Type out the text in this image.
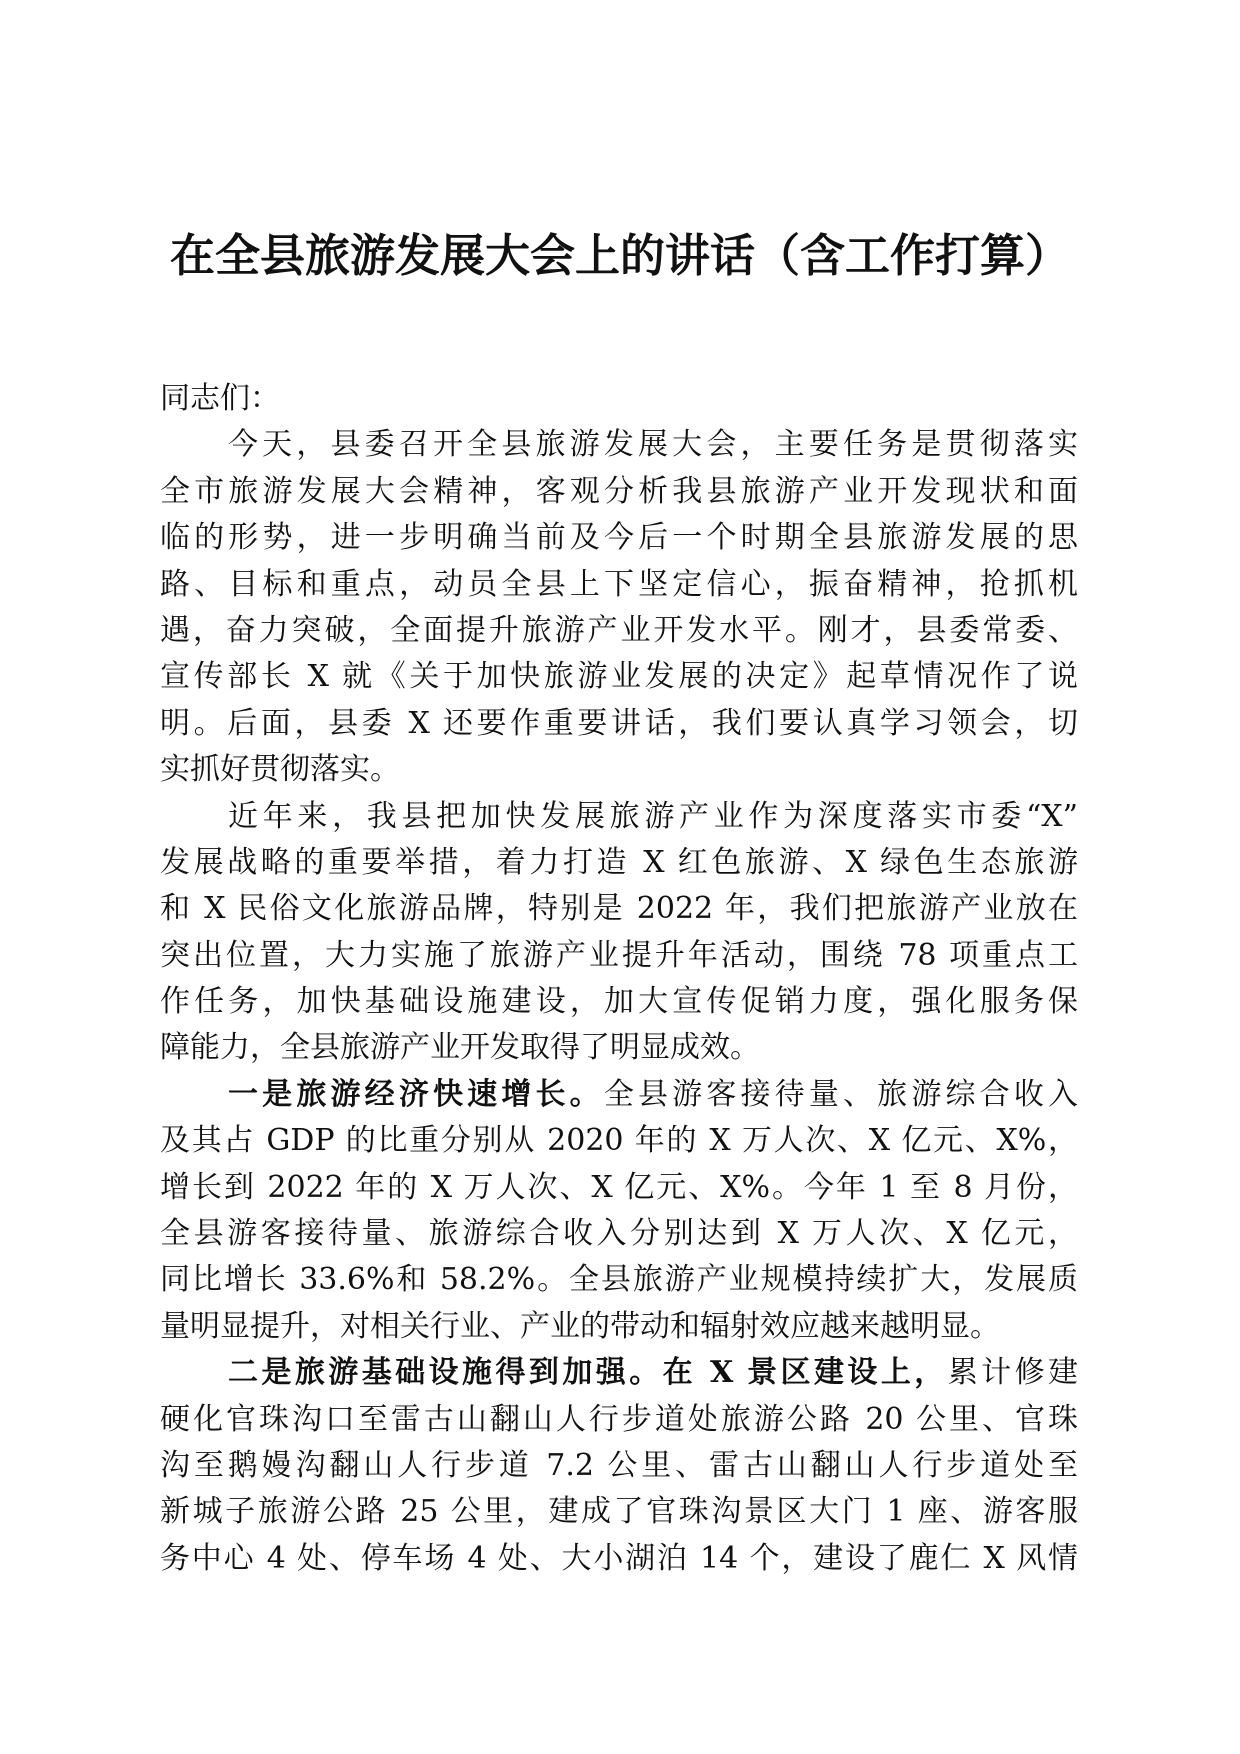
在全县旅游发展大会上的讲话（含工作打算）
同志们：
今天，县委召开全县旅游发展大会，主要任务是贯彻落实
全市旅游发展大会精神，客观分析我县旅游产业开发现状和面
临的形势，进一步明确当前及今后一个时期全县旅游发展的思
路、目标和重点，动员全县上下坚定信心，振奋精神，抢抓机
遇，奋力突破，全面提升旅游产业开发水平。刚才，县委常委、
宣传部长 X 就《关于加快旅游业发展的决定》起草情况作了说
明。后面，县委 X 还要作重要讲话，我们要认真学习领会，切
实抓好贯彻落实。
近年来，我县把加快发展旅游产业作为深度落实市委“X”
发展战略的重要举措，着力打造 X 红色旅游、X 绿色生态旅游
和 X 民俗文化旅游品牌，特别是 2022 年，我们把旅游产业放在
突出位置，大力实施了旅游产业提升年活动，围绕 78 项重点工
作任务，加快基础设施建设，加大宣传促销力度，强化服务保
障能力，全县旅游产业开发取得了明显成效。
一是旅游经济快速增长。全县游客接待量、旅游综合收入
及其占 GDP 的比重分别从 2020 年的 X 万人次、X 亿元、X%，
增长到 2022 年的 X 万人次、X 亿元、X%。今年 1 至 8 月份，
全县游客接待量、旅游综合收入分别达到 X 万人次、X 亿元，
同比增长 33.6%和 58.2%。全县旅游产业规模持续扩大，发展质
量明显提升，对相关行业、产业的带动和辐射效应越来越明显。
二是旅游基础设施得到加强。在 X 景区建设上，累计修建
硬化官珠沟口至雷古山翻山人行步道处旅游公路 20 公里、官珠
沟至鹅嫚沟翻山人行步道 7.2 公里、雷古山翻山人行步道处至
新城子旅游公路 25 公里，建成了官珠沟景区大门 1 座、游客服
务中心 4 处、停车场 4 处、大小湖泊 14 个，建设了鹿仁 X 风情
